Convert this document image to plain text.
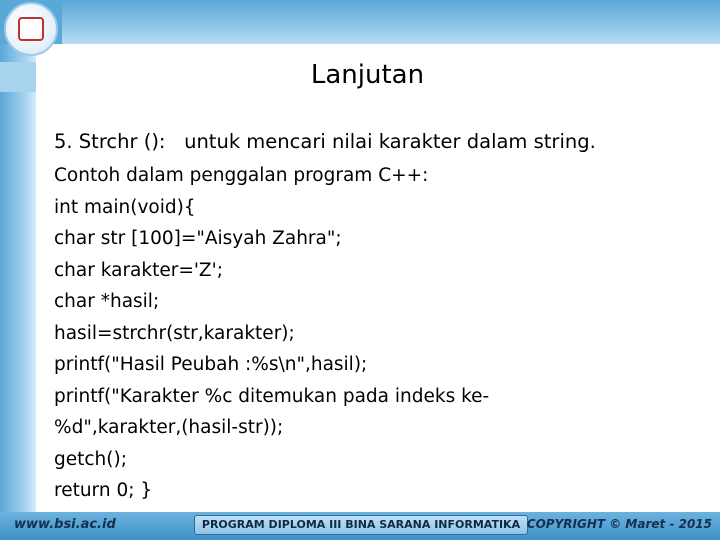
Lanjutan
5. Strchr ():   untuk mencari nilai karakter dalam string.
Contoh dalam penggalan program C++:
int main(void){
char str [100]="Aisyah Zahra";
char karakter='Z';
char *hasil;
hasil=strchr(str,karakter);
printf("Hasil Peubah :%s\n",hasil);
printf("Karakter %c ditemukan pada indeks ke-
%d",karakter,(hasil-str));
getch();
return 0; }
www.bsi.ac.id	PROGRAM DIPLOMA III BINA SARANA INFORMATIKA COPYRIGHT © Maret - 2015
